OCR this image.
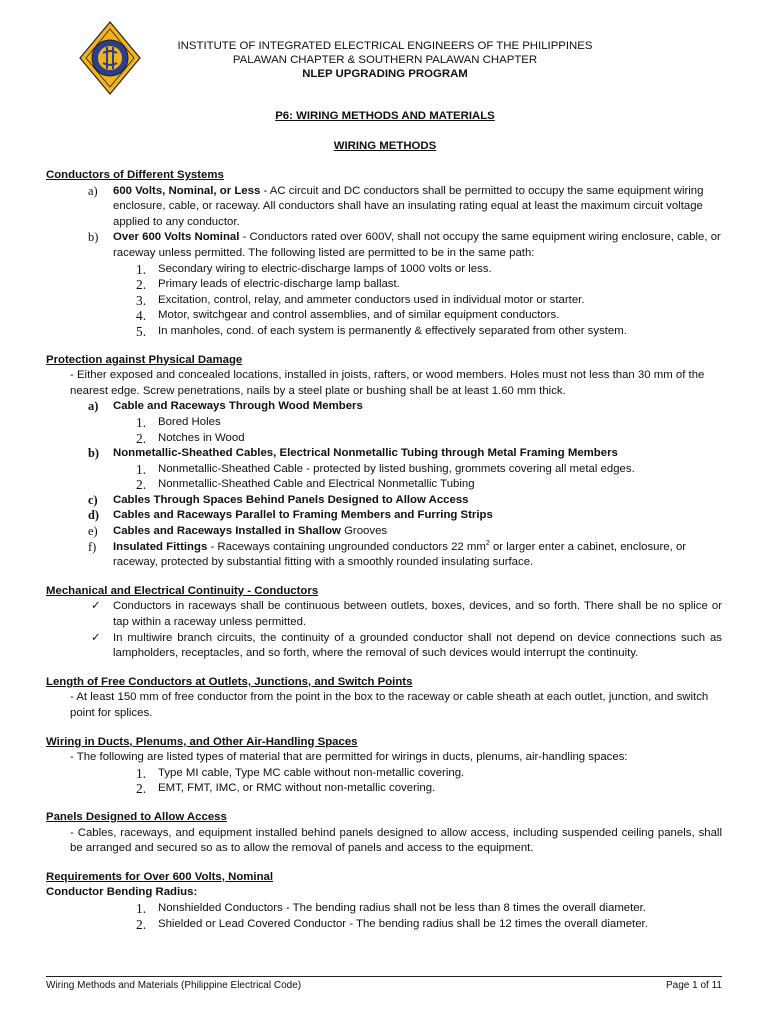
INSTITUTE OF INTEGRATED ELECTRICAL ENGINEERS OF THE PHILIPPINES
PALAWAN CHAPTER & SOUTHERN PALAWAN CHAPTER
NLEP UPGRADING PROGRAM
P6: WIRING METHODS AND MATERIALS
WIRING METHODS
Conductors of Different Systems
a) 600 Volts, Nominal, or Less - AC circuit and DC conductors shall be permitted to occupy the same equipment wiring enclosure, cable, or raceway. All conductors shall have an insulating rating equal at least the maximum circuit voltage applied to any conductor.
b) Over 600 Volts Nominal - Conductors rated over 600V, shall not occupy the same equipment wiring enclosure, cable, or raceway unless permitted. The following listed are permitted to be in the same path:
1. Secondary wiring to electric-discharge lamps of 1000 volts or less.
2. Primary leads of electric-discharge lamp ballast.
3. Excitation, control, relay, and ammeter conductors used in individual motor or starter.
4. Motor, switchgear and control assemblies, and of similar equipment conductors.
5. In manholes, cond. of each system is permanently & effectively separated from other system.
Protection against Physical Damage
- Either exposed and concealed locations, installed in joists, rafters, or wood members. Holes must not less than 30 mm of the nearest edge. Screw penetrations, nails by a steel plate or bushing shall be at least 1.60 mm thick.
a) Cable and Raceways Through Wood Members
1. Bored Holes
2. Notches in Wood
b) Nonmetallic-Sheathed Cables, Electrical Nonmetallic Tubing through Metal Framing Members
1. Nonmetallic-Sheathed Cable - protected by listed bushing, grommets covering all metal edges.
2. Nonmetallic-Sheathed Cable and Electrical Nonmetallic Tubing
c) Cables Through Spaces Behind Panels Designed to Allow Access
d) Cables and Raceways Parallel to Framing Members and Furring Strips
e) Cables and Raceways Installed in Shallow Grooves
f) Insulated Fittings - Raceways containing ungrounded conductors 22 $mm^2$ or larger enter a cabinet, enclosure, or raceway, protected by substantial fitting with a smoothly rounded insulating surface.
Mechanical and Electrical Continuity - Conductors
✓ Conductors in raceways shall be continuous between outlets, boxes, devices, and so forth. There shall be no splice or tap within a raceway unless permitted.
✓ In multiwire branch circuits, the continuity of a grounded conductor shall not depend on device connections such as lampholders, receptacles, and so forth, where the removal of such devices would interrupt the continuity.
Length of Free Conductors at Outlets, Junctions, and Switch Points
- At least 150 mm of free conductor from the point in the box to the raceway or cable sheath at each outlet, junction, and switch point for splices.
Wiring in Ducts, Plenums, and Other Air-Handling Spaces
- The following are listed types of material that are permitted for wirings in ducts, plenums, air-handling spaces:
1. Type MI cable, Type MC cable without non-metallic covering.
2. EMT, FMT, IMC, or RMC without non-metallic covering.
Panels Designed to Allow Access
- Cables, raceways, and equipment installed behind panels designed to allow access, including suspended ceiling panels, shall be arranged and secured so as to allow the removal of panels and access to the equipment.
Requirements for Over 600 Volts, Nominal
Conductor Bending Radius:
1. Nonshielded Conductors - The bending radius shall not be less than 8 times the overall diameter.
2. Shielded or Lead Covered Conductor - The bending radius shall be 12 times the overall diameter.
Wiring Methods and Materials (Philippine Electrical Code)	Page 1 of 11
